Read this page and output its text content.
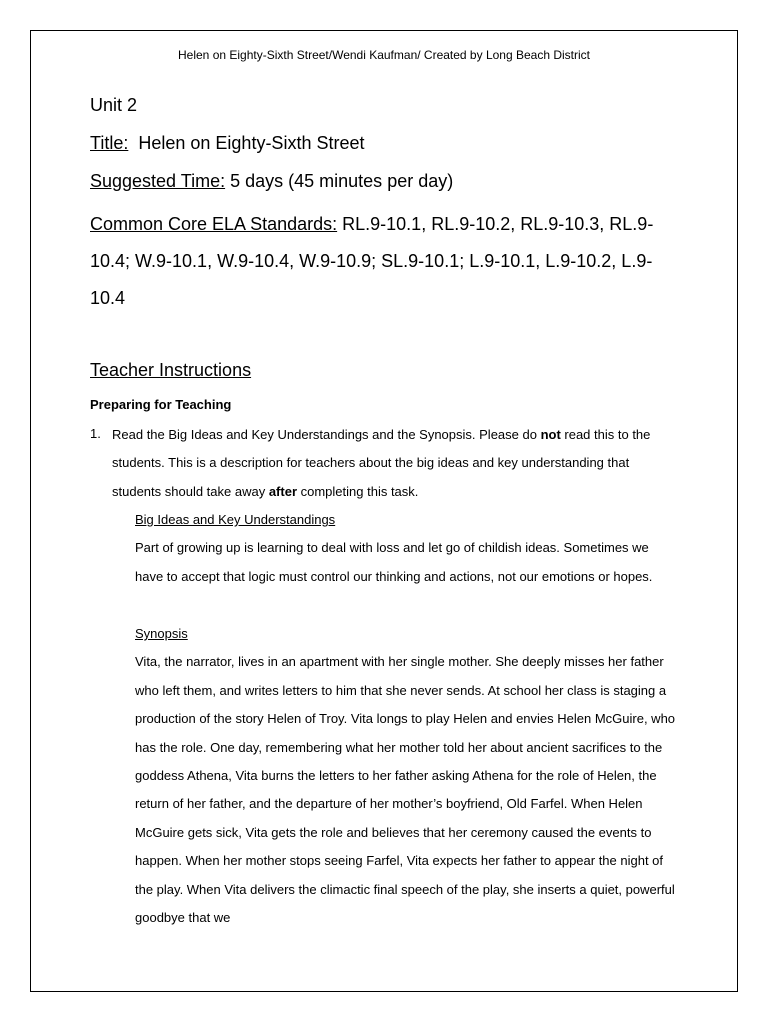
Helen on Eighty-Sixth Street/Wendi Kaufman/ Created by Long Beach District
Unit 2
Title: Helen on Eighty-Sixth Street
Suggested Time: 5 days (45 minutes per day)
Common Core ELA Standards: RL.9-10.1, RL.9-10.2, RL.9-10.3, RL.9-10.4; W.9-10.1, W.9-10.4, W.9-10.9; SL.9-10.1; L.9-10.1, L.9-10.2, L.9-10.4
Teacher Instructions
Preparing for Teaching
1. Read the Big Ideas and Key Understandings and the Synopsis. Please do not read this to the students. This is a description for teachers about the big ideas and key understanding that students should take away after completing this task.
Big Ideas and Key Understandings
Part of growing up is learning to deal with loss and let go of childish ideas. Sometimes we have to accept that logic must control our thinking and actions, not our emotions or hopes.
Synopsis
Vita, the narrator, lives in an apartment with her single mother. She deeply misses her father who left them, and writes letters to him that she never sends. At school her class is staging a production of the story Helen of Troy. Vita longs to play Helen and envies Helen McGuire, who has the role. One day, remembering what her mother told her about ancient sacrifices to the goddess Athena, Vita burns the letters to her father asking Athena for the role of Helen, the return of her father, and the departure of her mother’s boyfriend, Old Farfel. When Helen McGuire gets sick, Vita gets the role and believes that her ceremony caused the events to happen. When her mother stops seeing Farfel, Vita expects her father to appear the night of the play. When Vita delivers the climactic final speech of the play, she inserts a quiet, powerful goodbye that we
